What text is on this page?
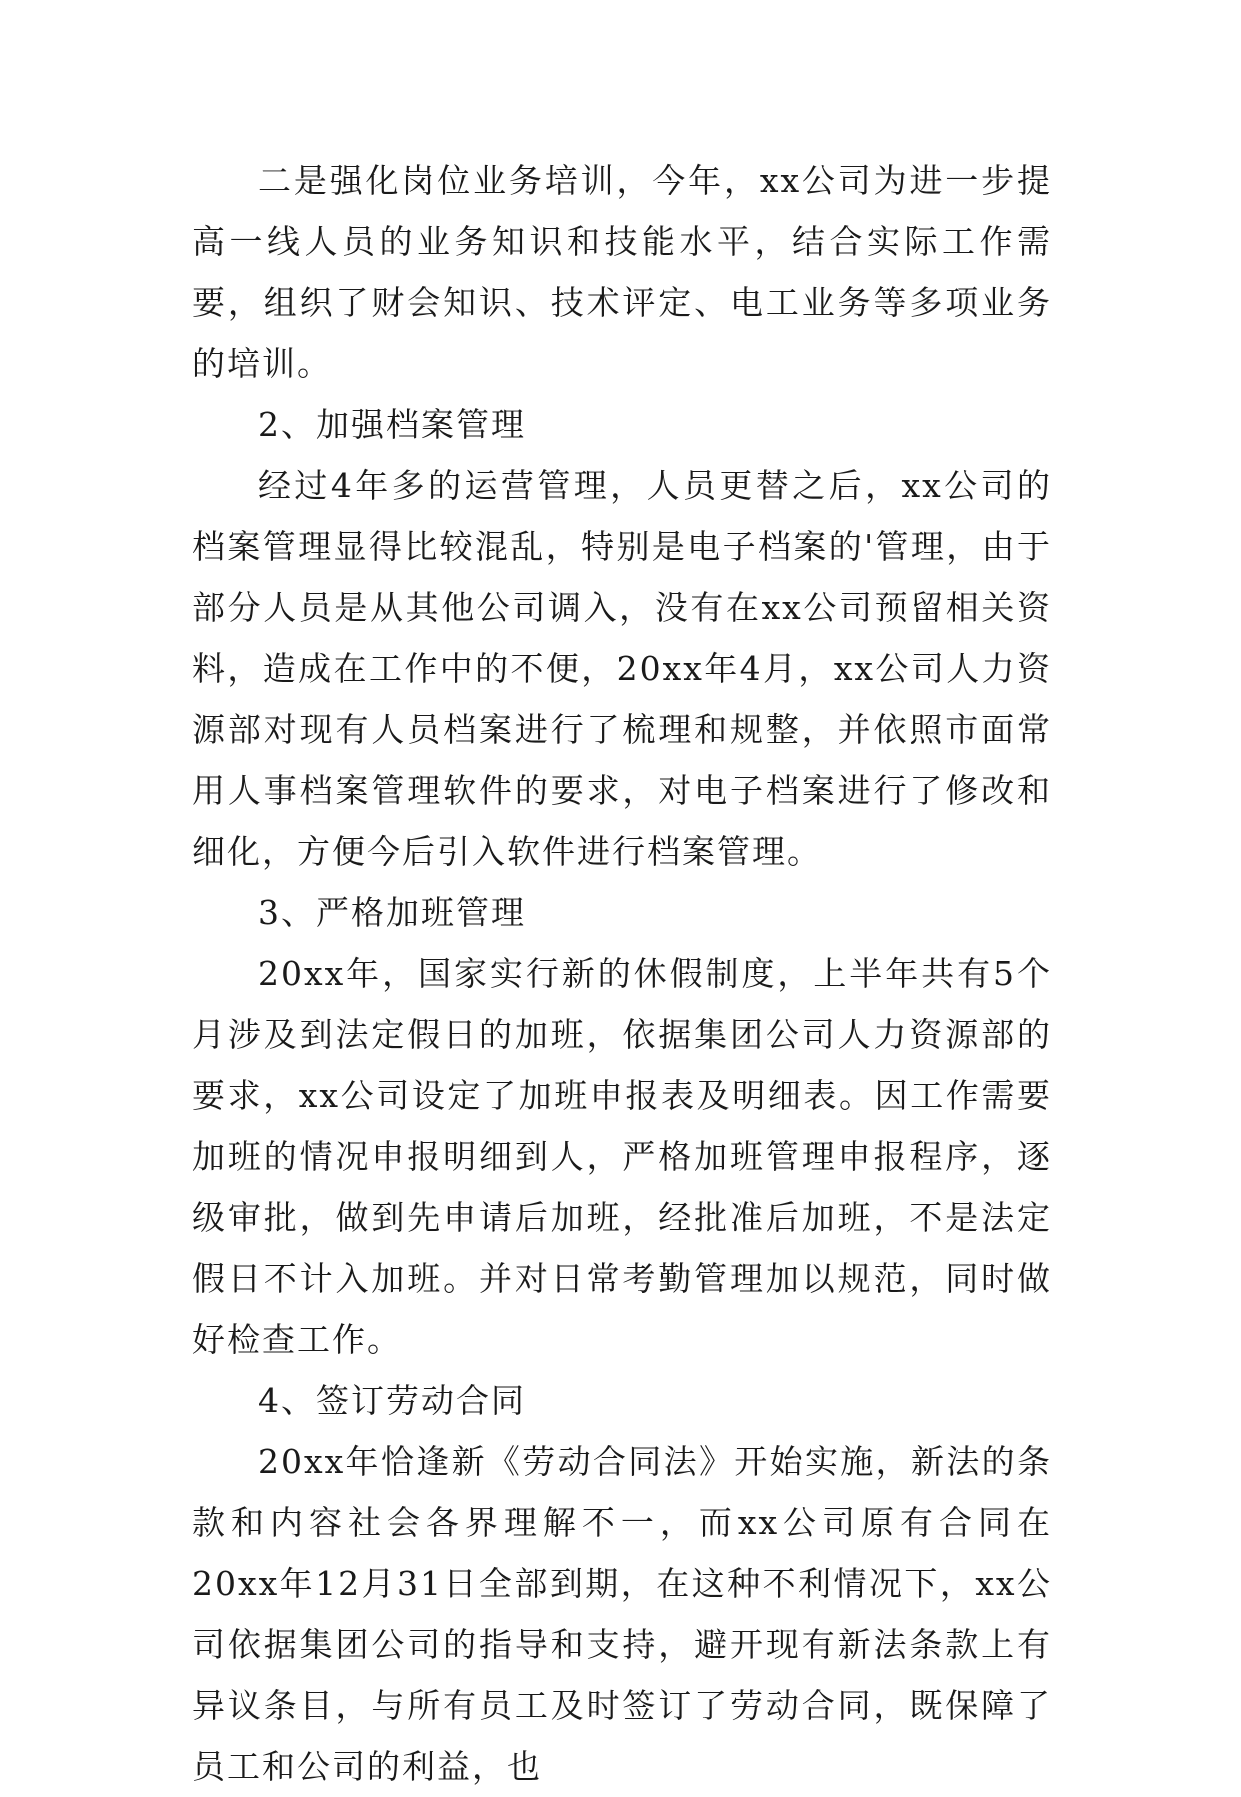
二是强化岗位业务培训，今年，xx公司为进一步提高一线人员的业务知识和技能水平，结合实际工作需要，组织了财会知识、技术评定、电工业务等多项业务的培训。

2、加强档案管理

经过4年多的运营管理，人员更替之后，xx公司的档案管理显得比较混乱，特别是电子档案的'管理，由于部分人员是从其他公司调入，没有在xx公司预留相关资料，造成在工作中的不便，20xx年4月，xx公司人力资源部对现有人员档案进行了梳理和规整，并依照市面常用人事档案管理软件的要求，对电子档案进行了修改和细化，方便今后引入软件进行档案管理。

3、严格加班管理

20xx年，国家实行新的休假制度，上半年共有5个月涉及到法定假日的加班，依据集团公司人力资源部的要求，xx公司设定了加班申报表及明细表。因工作需要加班的情况申报明细到人，严格加班管理申报程序，逐级审批，做到先申请后加班，经批准后加班，不是法定假日不计入加班。并对日常考勤管理加以规范，同时做好检查工作。

4、签订劳动合同

20xx年恰逢新《劳动合同法》开始实施，新法的条款和内容社会各界理解不一，而xx公司原有合同在20xx年12月31日全部到期，在这种不利情况下，xx公司依据集团公司的指导和支持，避开现有新法条款上有异议条目，与所有员工及时签订了劳动合同，既保障了员工和公司的利益，也
